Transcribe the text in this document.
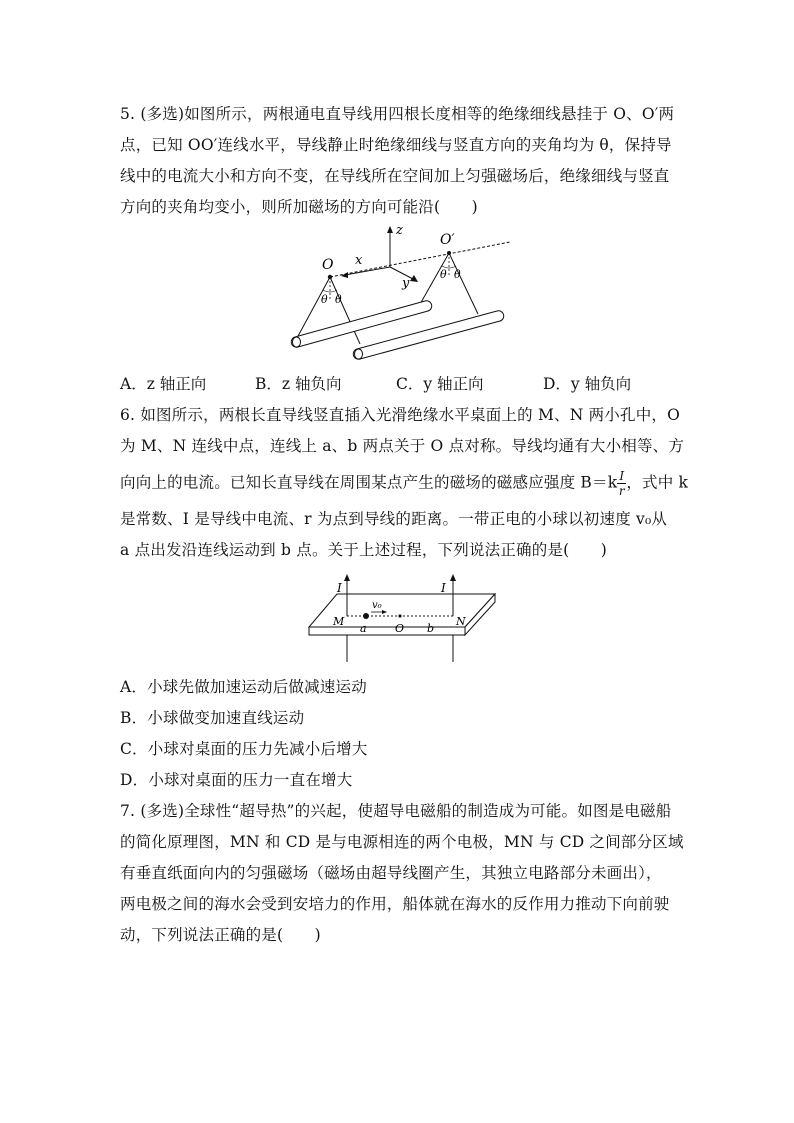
5. (多选)如图所示，两根通电直导线用四根长度相等的绝缘细线悬挂于 O、O′两
点，已知 OO′连线水平，导线静止时绝缘细线与竖直方向的夹角均为 θ，保持导
线中的电流大小和方向不变，在导线所在空间加上匀强磁场后，绝缘细线与竖直
方向的夹角均变小，则所加磁场的方向可能沿(　　)
z
y
x
O
O′
θ θ
θ θ
A．z 轴正向	B．z 轴负向	C．y 轴正向	D．y 轴负向
6. 如图所示，两根长直导线竖直插入光滑绝缘水平桌面上的 M、N 两小孔中，O
为 M、N 连线中点，连线上 a、b 两点关于 O 点对称。导线均通有大小相等、方
向向上的电流。已知长直导线在周围某点产生的磁场的磁感应强度 $B=k \frac{I}{r}$ ，式中 k
是常数、I 是导线中电流、r 为点到导线的距离。一带正电的小球以初速度 v₀从
a 点出发沿连线运动到 b 点。关于上述过程，下列说法正确的是(　　)
I	I
M	N
a
v₀
O b
A．小球先做加速运动后做减速运动
B．小球做变加速直线运动
C．小球对桌面的压力先减小后增大
D．小球对桌面的压力一直在增大
7. (多选)全球性“超导热”的兴起，使超导电磁船的制造成为可能。如图是电磁船
的简化原理图，MN 和 CD 是与电源相连的两个电极，MN 与 CD 之间部分区域
有垂直纸面向内的匀强磁场（磁场由超导线圈产生，其独立电路部分未画出），
两电极之间的海水会受到安培力的作用，船体就在海水的反作用力推动下向前驶
动，下列说法正确的是(　　)
